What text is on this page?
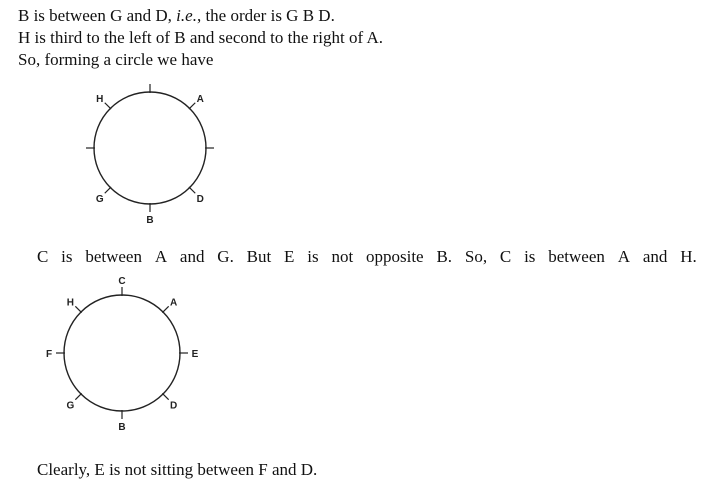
B is between G and D, i.e., the order is G B D.
H is third to the left of B and second to the right of A.
So, forming a circle we have
A
D
B
G
H
C
A
E
D
B
G
F
H
C is between A and G. But E is not opposite B. So, C is between A and H.
Clearly, E is not sitting between F and D.
